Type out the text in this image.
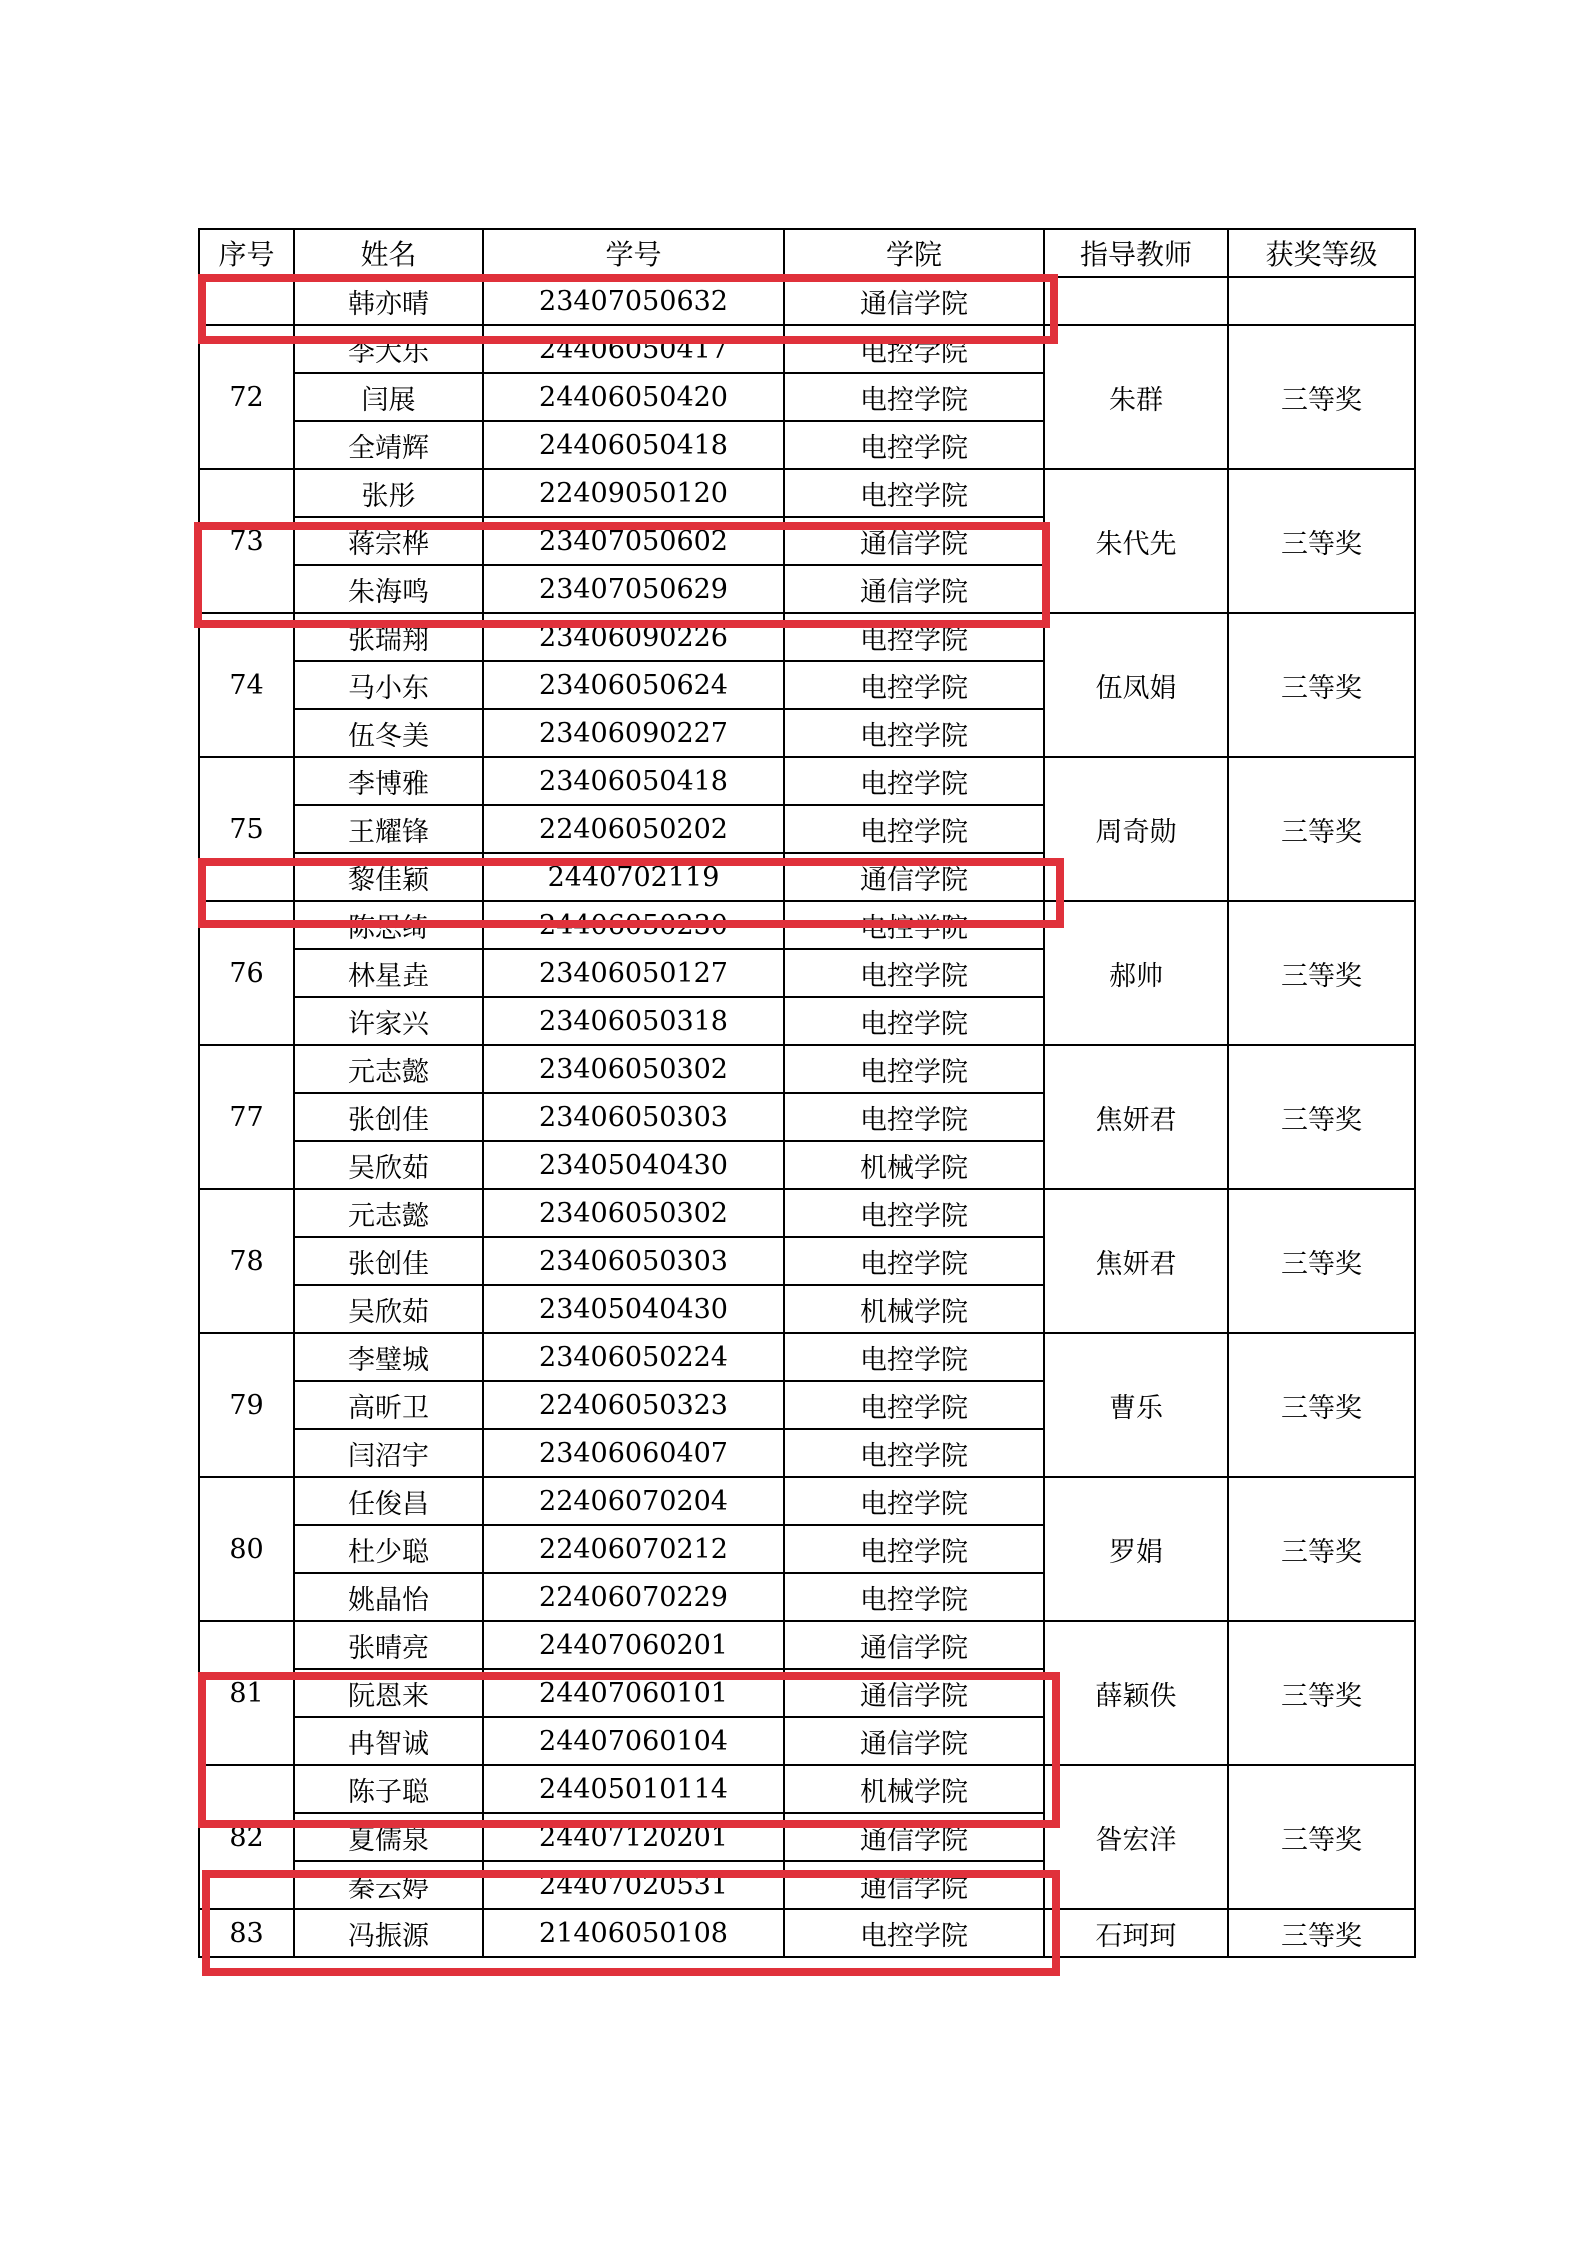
序号	姓名	学号	学院	指导教师	获奖等级
	韩亦晴	23407050632	通信学院		
72	李大乐	24406050417	电控学院	朱群	三等奖
	闫展	24406050420	电控学院		
	全靖辉	24406050418	电控学院		
73	张彤	22409050120	电控学院	朱代先	三等奖
	蒋宗桦	23407050602	通信学院		
	朱海鸣	23407050629	通信学院		
74	张瑞翔	23406090226	电控学院	伍凤娟	三等奖
	马小东	23406050624	电控学院		
	伍冬美	23406090227	电控学院		
75	李博雅	23406050418	电控学院	周奇勋	三等奖
	王耀锋	22406050202	电控学院		
	黎佳颖	2440702119	通信学院		
76	陈思绮	24406050230	电控学院	郝帅	三等奖
	林星垚	23406050127	电控学院		
	许家兴	23406050318	电控学院		
77	元志懿	23406050302	电控学院	焦妍君	三等奖
	张创佳	23406050303	电控学院		
	吴欣茹	23405040430	机械学院		
78	元志懿	23406050302	电控学院	焦妍君	三等奖
	张创佳	23406050303	电控学院		
	吴欣茹	23405040430	机械学院		
79	李璧城	23406050224	电控学院	曹乐	三等奖
	高昕卫	22406050323	电控学院		
	闫沼宇	23406060407	电控学院		
80	任俊昌	22406070204	电控学院	罗娟	三等奖
	杜少聪	22406070212	电控学院		
	姚晶怡	22406070229	电控学院		
81	张晴亮	24407060201	通信学院	薛颖佚	三等奖
	阮恩来	24407060101	通信学院		
	冉智诚	24407060104	通信学院		
82	陈子聪	24405010114	机械学院	昝宏洋	三等奖
	夏儒泉	24407120201	通信学院		
	秦云婷	24407020531	通信学院		
83	冯振源	21406050108	电控学院	石珂珂	三等奖
